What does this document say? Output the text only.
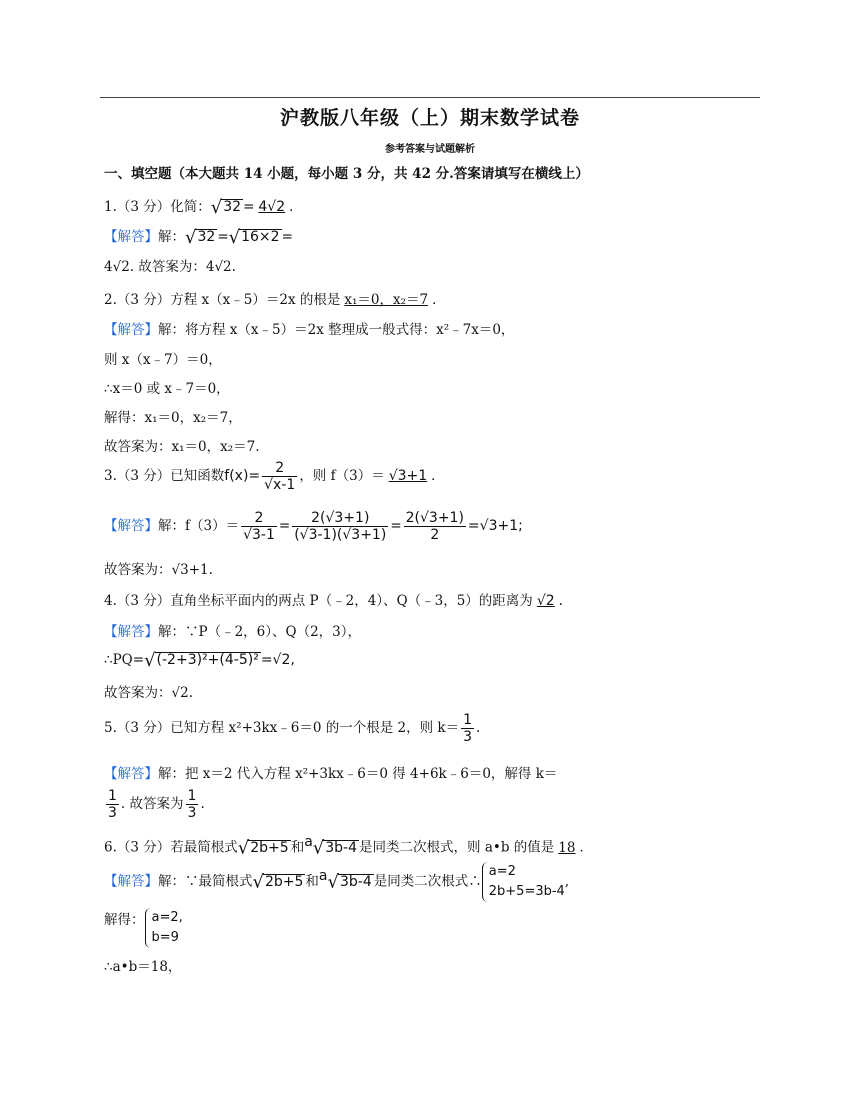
沪教版八年级（上）期末数学试卷
参考答案与试题解析
一、填空题（本大题共 14 小题，每小题 3 分，共 42 分.答案请填写在横线上）
1.（3 分）化简：√32 = 4√2 ．
【解答】解：√32 =√16×2 =
4√2. 故答案为：4√2.
2.（3 分）方程 x（x﹣5）＝2x 的根是 x₁＝0，x₂＝7 ．
【解答】解：将方程 x（x﹣5）＝2x 整理成一般式得：x²﹣7x＝0，
则 x（x﹣7）＝0，
∴x＝0 或 x﹣7＝0，
解得：x₁＝0，x₂＝7，
故答案为：x₁＝0，x₂＝7.
3.（3 分）已知函数$f(x)= \frac{2}{√x-1}$ ，则 f（3）＝ √3+1 ．
【解答】解：$f(3)= \frac{2}{√3-1} = \frac{2(√3+1)}{(√3-1)(√3+1)} = \frac{2(√3+1)}{2} =√3+1$;
故答案为：√3+1.
4.（3 分）直角坐标平面内的两点 P（﹣2，4）、Q（﹣3，5）的距离为 √2 .
【解答】解：∵P（﹣2，6）、Q（2，3），
∴PQ=√(-2+3)²+(4-5)² =√2,
故答案为：√2.
5.（3 分）已知方程 x²+3kx﹣6＝0 的一个根是 2，则 $k= \frac{1}{3}$ .
【解答】解：把 x＝2 代入方程 x²+3kx﹣6＝0 得 4+6k﹣6＝0，解得 k＝
$\frac{1}{3}$ . 故答案为 $\frac{1}{3}$ .
6.（3 分）若最简根式√2b+5 和$^a$√3b-4 是同类二次根式，则 a•b 的值是 18 ．
【解答】解：∵最简根式√2b+5 和$^a$√3b-4 是同类二次根式∴
a=2
2b+5=3b-4
,
解得： a=2,
b=9
∴a•b＝18，
